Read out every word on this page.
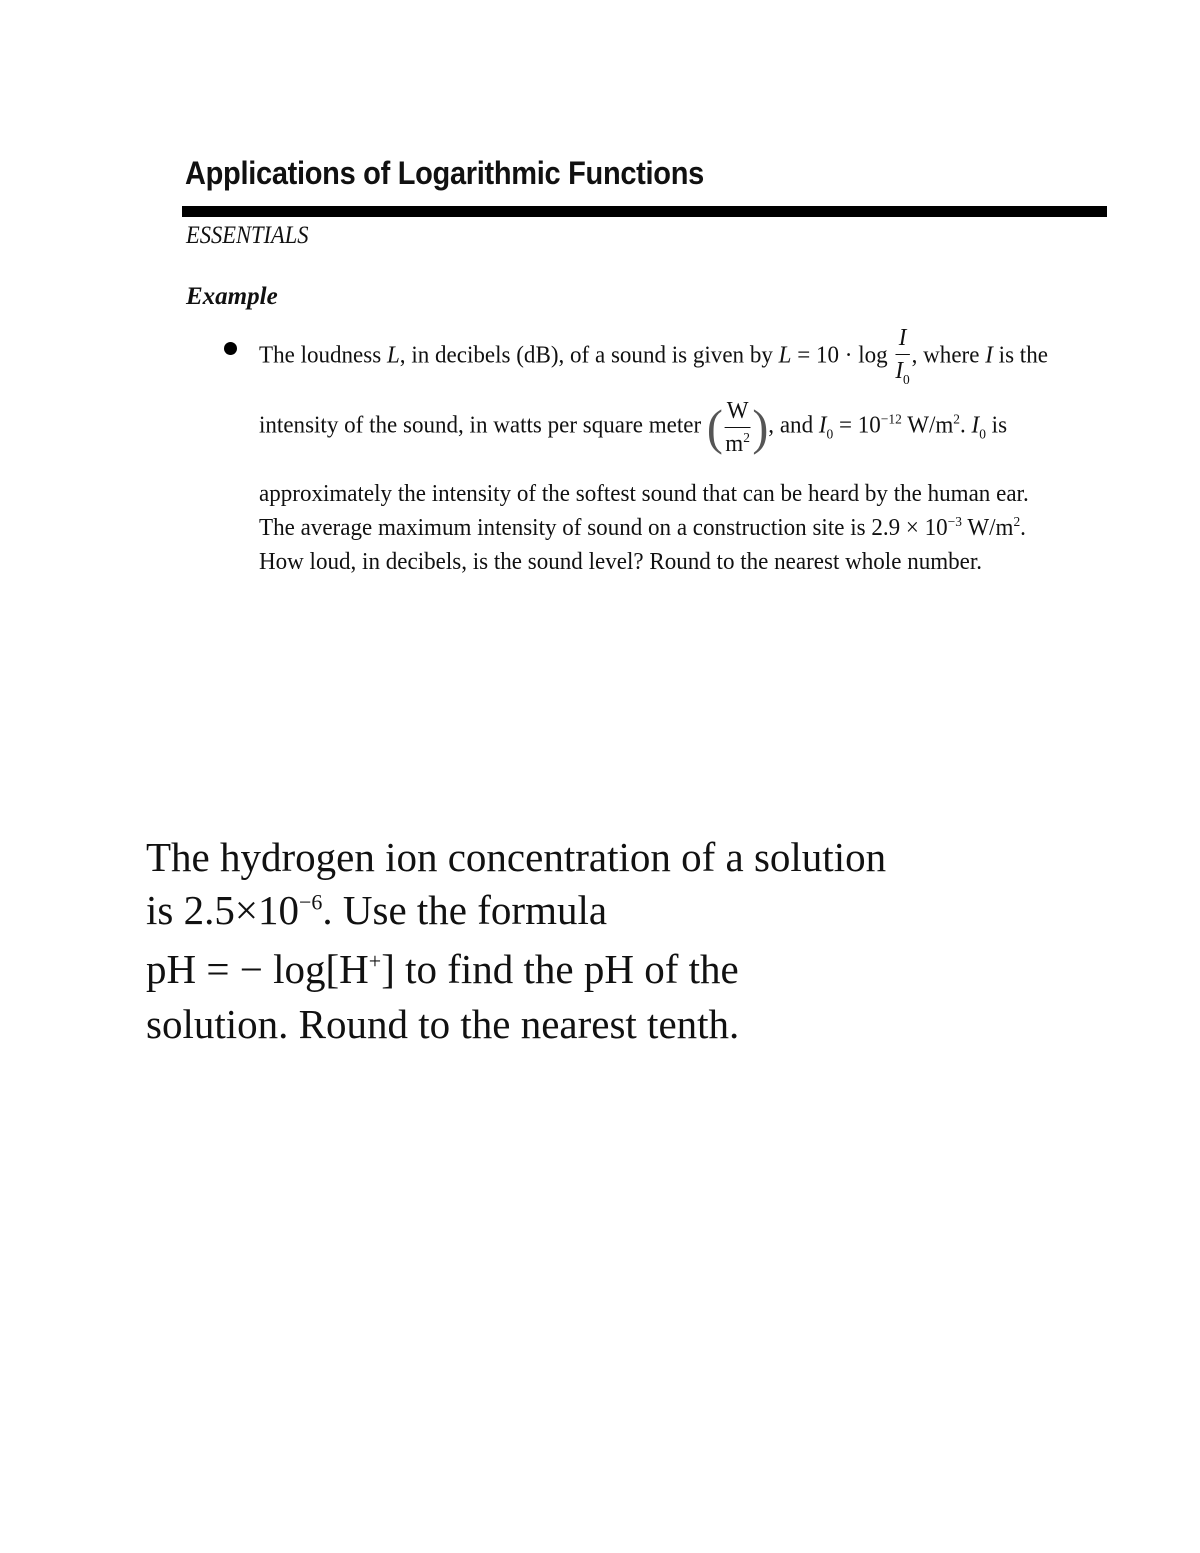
Applications of Logarithmic Functions
ESSENTIALS
Example
The loudness L, in decibels (dB), of a sound is given by $L = 10 \cdot \log \frac{I}{I_0}$ , where I is the
intensity of the sound, in watts per square meter ( $\frac{W}{m^2}$ ), and $I_0 = 10^{-12}$ $W/m^2$. $I_0$ is
approximately the intensity of the softest sound that can be heard by the human ear.
The average maximum intensity of sound on a construction site is $2.9 \times 10^{-3}$ $W/m^2$.
How loud, in decibels, is the sound level? Round to the nearest whole number.
The hydrogen ion concentration of a solution
is $2.5\times 10^{-6}$. Use the formula
pH = − log[H+] to find the pH of the
solution. Round to the nearest tenth.
